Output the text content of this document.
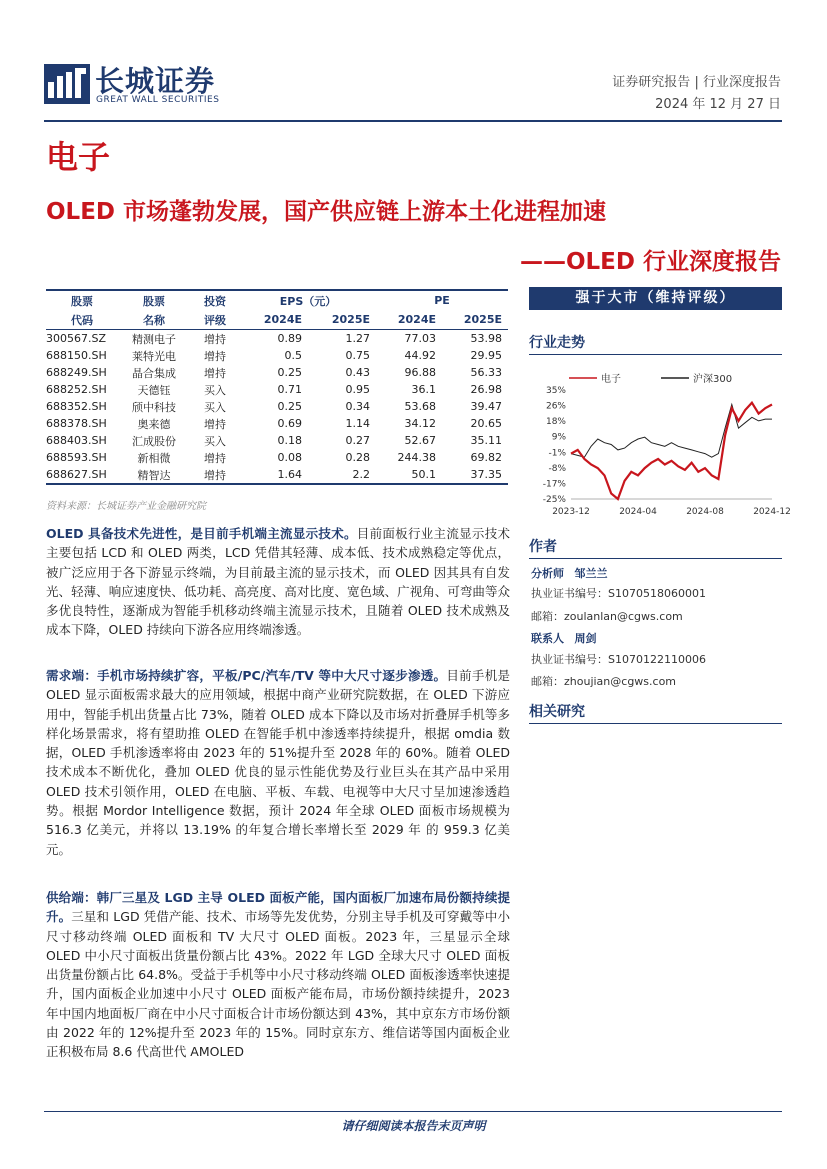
长城证券
GREAT WALL SECURITIES
证券研究报告 | 行业深度报告
2024 年 12 月 27 日
电子
OLED 市场蓬勃发展，国产供应链上游本土化进程加速
——OLED 行业深度报告
股票	股票	投资	EPS（元）		PE	
代码	名称	评级	2024E	2025E	2024E	2025E
300567.SZ	精测电子	增持	0.89	1.27	77.03	53.98
688150.SH	莱特光电	增持	0.5	0.75	44.92	29.95
688249.SH	晶合集成	增持	0.25	0.43	96.88	56.33
688252.SH	天德钰	买入	0.71	0.95	36.1	26.98
688352.SH	颀中科技	买入	0.25	0.34	53.68	39.47
688378.SH	奥来德	增持	0.69	1.14	34.12	20.65
688403.SH	汇成股份	买入	0.18	0.27	52.67	35.11
688593.SH	新相微	增持	0.08	0.28	244.38	69.82
688627.SH	精智达	增持	1.64	2.2	50.1	37.35
资料来源：长城证券产业金融研究院
强于大市（维持评级）
行业走势
35%
26%
18%
9%
-1%
-8%
-17%
-25%
2023-12	2024-04	2024-08	2024-12
电子	沪深300
作者
分析师 邹兰兰
执业证书编号：S1070518060001
邮箱：zoulanlan@cgws.com
联系人 周剑
执业证书编号：S1070122110006
邮箱：zhoujian@cgws.com
相关研究

OLED 具备技术先进性，是目前手机端主流显示技术。目前面板行业主流显示技术主要包括 LCD 和 OLED 两类，LCD 凭借其轻薄、成本低、技术成熟稳定等优点，被广泛应用于各下游显示终端，为目前最主流的显示技术，而 OLED 因其具有自发光、轻薄、响应速度快、低功耗、高亮度、高对比度、宽色域、广视角、可弯曲等众多优良特性，逐渐成为智能手机移动终端主流显示技术，且随着 OLED 技术成熟及成本下降，OLED 持续向下游各应用终端渗透。

需求端：手机市场持续扩容，平板/PC/汽车/TV 等中大尺寸逐步渗透。目前手机是 OLED 显示面板需求最大的应用领域，根据中商产业研究院数据，在 OLED 下游应用中，智能手机出货量占比 73%，随着 OLED 成本下降以及市场对折叠屏手机等多样化场景需求，将有望助推 OLED 在智能手机中渗透率持续提升，根据 omdia 数据，OLED 手机渗透率将由 2023 年的 51%提升至 2028 年的 60%。随着 OLED 技术成本不断优化，叠加 OLED 优良的显示性能优势及行业巨头在其产品中采用 OLED 技术引领作用，OLED 在电脑、平板、车载、电视等中大尺寸呈加速渗透趋势。根据 Mordor Intelligence 数据，预计 2024 年全球 OLED 面板市场规模为 516.3 亿美元，并将以 13.19% 的年复合增长率增长至 2029 年 的 959.3 亿美元。

供给端：韩厂三星及 LGD 主导 OLED 面板产能，国内面板厂加速布局份额持续提升。三星和 LGD 凭借产能、技术、市场等先发优势，分别主导手机及可穿戴等中小尺寸移动终端 OLED 面板和 TV 大尺寸 OLED 面板。2023 年，三星显示全球 OLED 中小尺寸面板出货量份额占比 43%。2022 年 LGD 全球大尺寸 OLED 面板出货量份额占比 64.8%。受益于手机等中小尺寸移动终端 OLED 面板渗透率快速提升，国内面板企业加速中小尺寸 OLED 面板产能布局，市场份额持续提升，2023 年中国内地面板厂商在中小尺寸面板合计市场份额达到 43%，其中京东方市场份额由 2022 年的 12%提升至 2023 年的 15%。同时京东方、维信诺等国内面板企业正积极布局 8.6 代高世代 AMOLED

请仔细阅读本报告末页声明
